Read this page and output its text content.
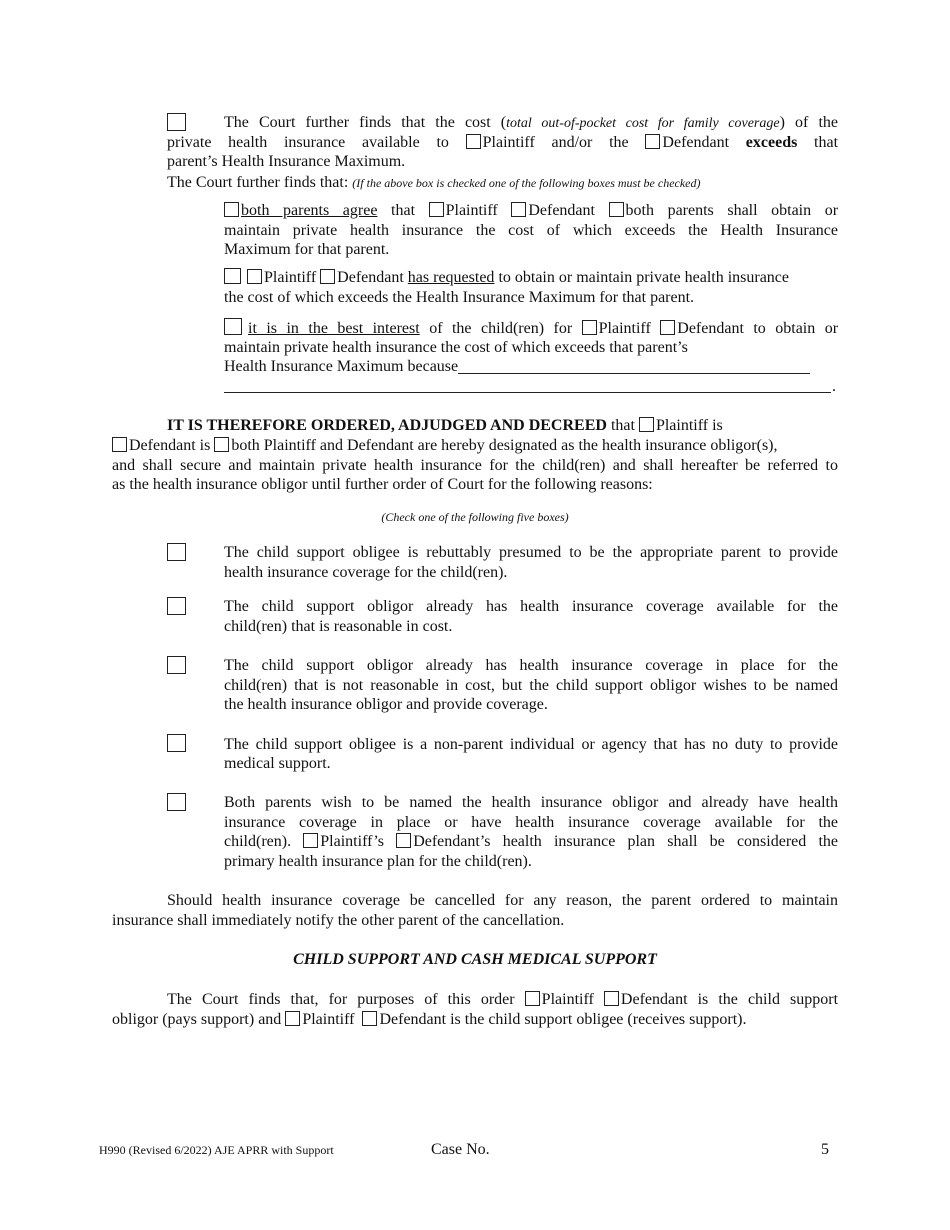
The Court further finds that the cost (total out-of-pocket cost for family coverage) of the
private health insurance available to Plaintiff and/or the Defendant exceeds that
parent’s Health Insurance Maximum.
The Court further finds that: (If the above box is checked one of the following boxes must be checked)
both parents agree that Plaintiff Defendant both parents shall obtain or
maintain private health insurance the cost of which exceeds the Health Insurance
Maximum for that parent.
Plaintiff Defendant has requested to obtain or maintain private health insurance
the cost of which exceeds the Health Insurance Maximum for that parent.
it is in the best interest of the child(ren) for Plaintiff Defendant to obtain or
maintain private health insurance the cost of which exceeds that parent’s
Health Insurance Maximum because
.
IT IS THEREFORE ORDERED, ADJUDGED AND DECREED that Plaintiff is
Defendant is both Plaintiff and Defendant are hereby designated as the health insurance obligor(s),
and shall secure and maintain private health insurance for the child(ren) and shall hereafter be referred to
as the health insurance obligor until further order of Court for the following reasons:
(Check one of the following five boxes)
The child support obligee is rebuttably presumed to be the appropriate parent to provide
health insurance coverage for the child(ren).
The child support obligor already has health insurance coverage available for the
child(ren) that is reasonable in cost.
The child support obligor already has health insurance coverage in place for the
child(ren) that is not reasonable in cost, but the child support obligor wishes to be named
the health insurance obligor and provide coverage.
The child support obligee is a non-parent individual or agency that has no duty to provide
medical support.
Both parents wish to be named the health insurance obligor and already have health
insurance coverage in place or have health insurance coverage available for the
child(ren). Plaintiff’s Defendant’s health insurance plan shall be considered the
primary health insurance plan for the child(ren).
Should health insurance coverage be cancelled for any reason, the parent ordered to maintain
insurance shall immediately notify the other parent of the cancellation.
CHILD SUPPORT AND CASH MEDICAL SUPPORT
The Court finds that, for purposes of this order Plaintiff Defendant is the child support
obligor (pays support) and Plaintiff Defendant is the child support obligee (receives support).
H990 (Revised 6/2022) AJE APRR with Support	Case No.	5
